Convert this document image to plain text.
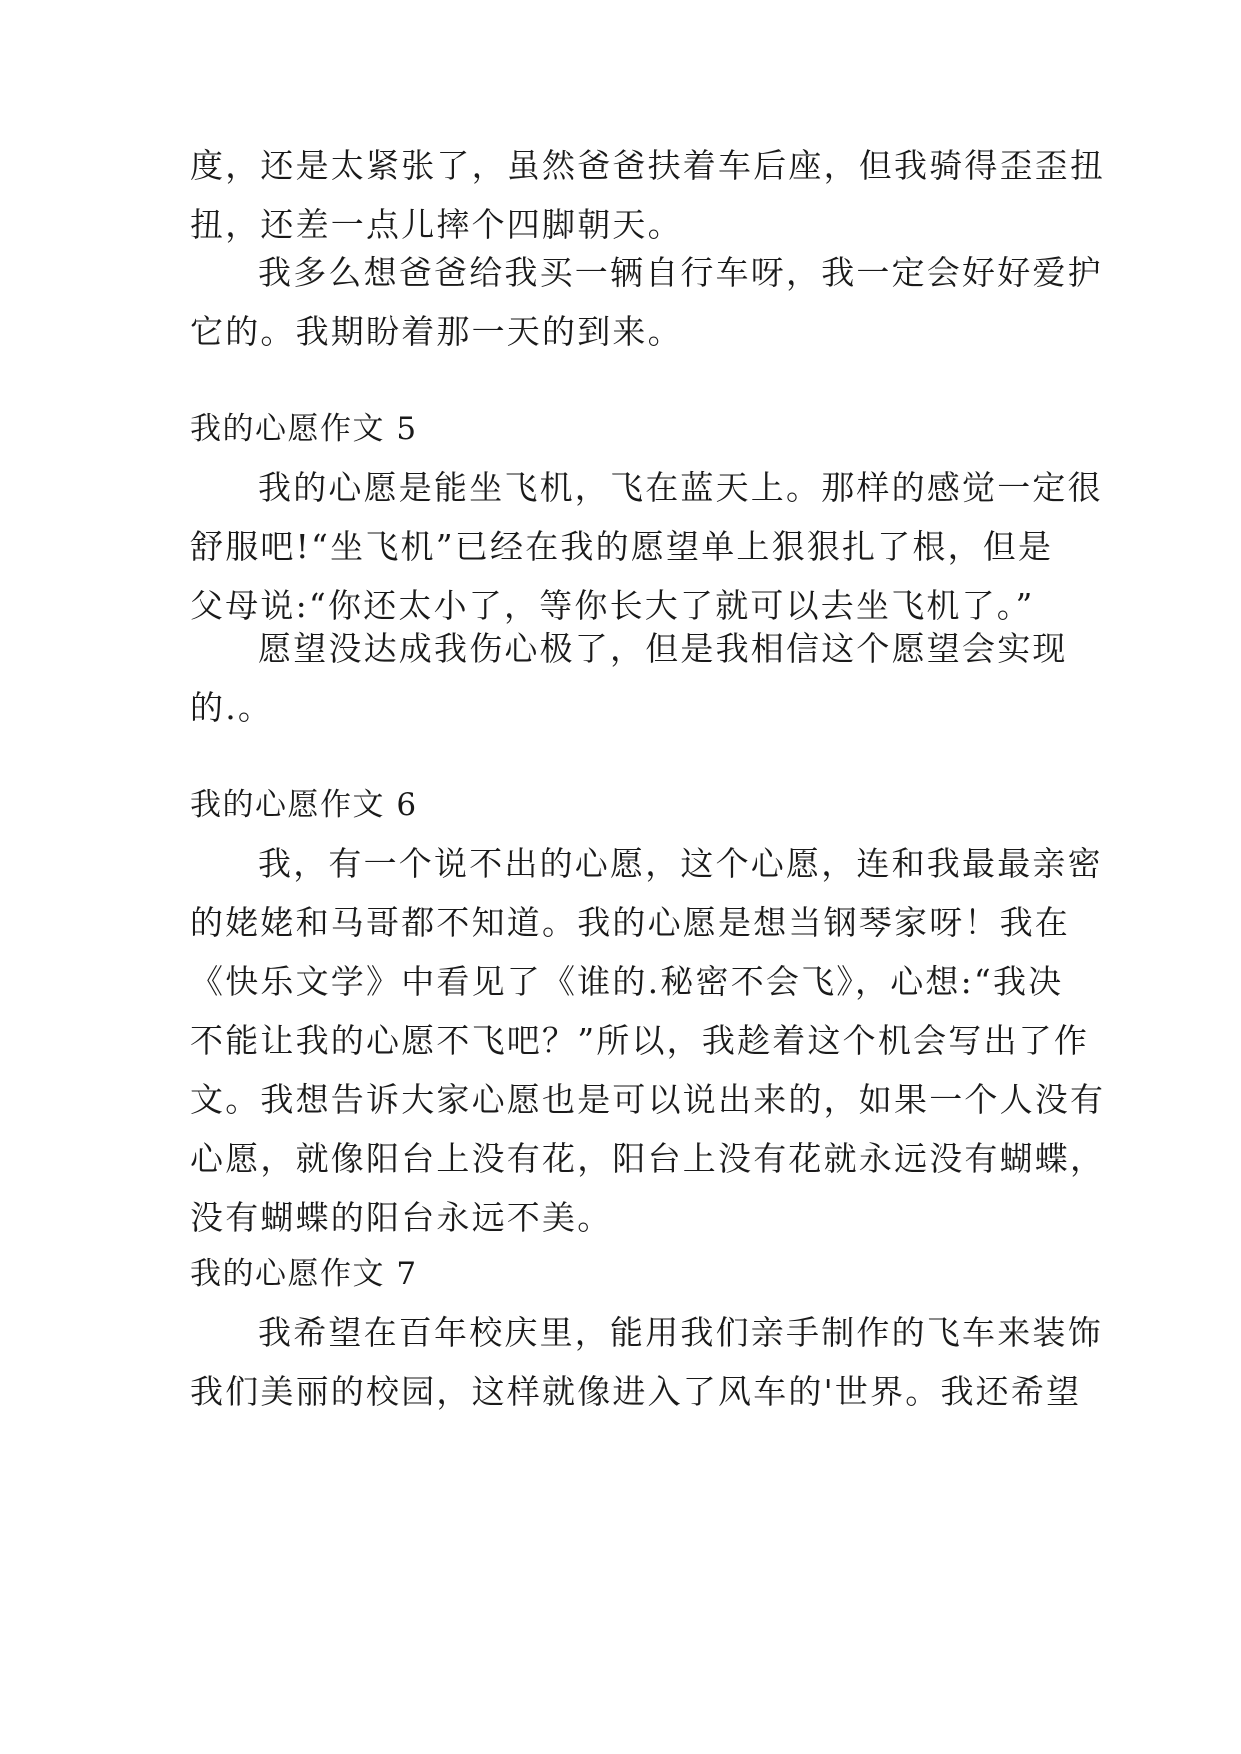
度，还是太紧张了，虽然爸爸扶着车后座，但我骑得歪歪扭
扭，还差一点儿摔个四脚朝天。
我多么想爸爸给我买一辆自行车呀，我一定会好好爱护
它的。我期盼着那一天的到来。
我的心愿作文 5
我的心愿是能坐飞机，飞在蓝天上。那样的感觉一定很
舒服吧!“坐飞机”已经在我的愿望单上狠狠扎了根，但是
父母说:“你还太小了，等你长大了就可以去坐飞机了。”
愿望没达成我伤心极了，但是我相信这个愿望会实现
的.。
我的心愿作文 6
我，有一个说不出的心愿，这个心愿，连和我最最亲密
的姥姥和马哥都不知道。我的心愿是想当钢琴家呀！我在
《快乐文学》中看见了《谁的.秘密不会飞》，心想:“我决
不能让我的心愿不飞吧？”所以，我趁着这个机会写出了作
文。我想告诉大家心愿也是可以说出来的，如果一个人没有
心愿，就像阳台上没有花，阳台上没有花就永远没有蝴蝶，
没有蝴蝶的阳台永远不美。
我的心愿作文 7
我希望在百年校庆里，能用我们亲手制作的飞车来装饰
我们美丽的校园，这样就像进入了风车的'世界。我还希望
